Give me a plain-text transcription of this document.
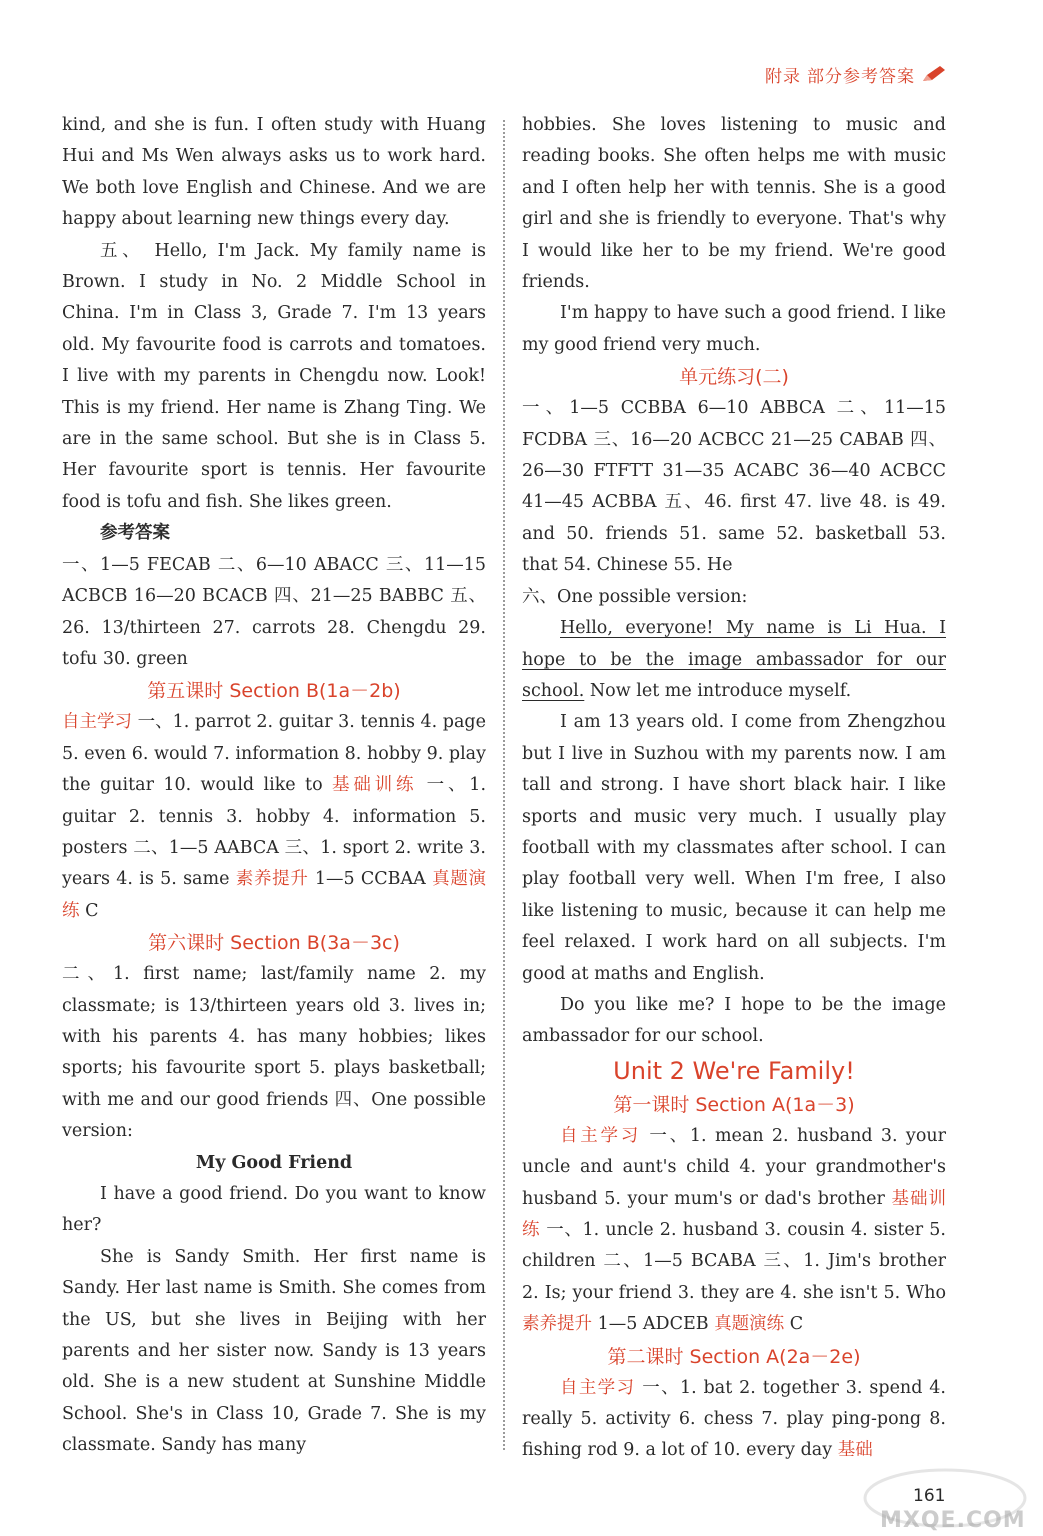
附录 部分参考答案

kind, and she is fun. I often study with Huang Hui and Ms Wen always asks us to work hard. We both love English and Chinese. And we are happy about learning new things every day.

五、 Hello, I'm Jack. My family name is Brown. I study in No. 2 Middle School in China. I'm in Class 3, Grade 7. I'm 13 years old. My favourite food is carrots and tomatoes. I live with my parents in Chengdu now. Look! This is my friend. Her name is Zhang Ting. We are in the same school. But she is in Class 5. Her favourite sport is tennis. Her favourite food is tofu and fish. She likes green.

参考答案

一、1—5 FECAB 二、6—10 ABACC 三、11—15 ACBCB 16—20 BCACB 四、21—25 BABBC 五、26. 13/thirteen 27. carrots 28. Chengdu 29. tofu 30. green

第五课时 Section B(1a－2b)

自主学习 一、1. parrot 2. guitar 3. tennis 4. page 5. even 6. would 7. information 8. hobby 9. play the guitar 10. would like to 基础训练 一、1. guitar 2. tennis 3. hobby 4. information 5. posters 二、1—5 AABCA 三、1. sport 2. write 3. years 4. is 5. same 素养提升 1—5 CCBAA 真题演练 C

第六课时 Section B(3a－3c)

二、1. first name; last/family name 2. my classmate; is 13/thirteen years old 3. lives in; with his parents 4. has many hobbies; likes sports; his favourite sport 5. plays basketball; with me and our good friends 四、One possible version:

My Good Friend

I have a good friend. Do you want to know her?

She is Sandy Smith. Her first name is Sandy. Her last name is Smith. She comes from the US, but she lives in Beijing with her parents and her sister now. Sandy is 13 years old. She is a new student at Sunshine Middle School. She's in Class 10, Grade 7. She is my classmate. Sandy has many

hobbies. She loves listening to music and reading books. She often helps me with music and I often help her with tennis. She is a good girl and she is friendly to everyone. That's why I would like her to be my friend. We're good friends.

I'm happy to have such a good friend. I like my good friend very much.

单元练习(二)

一、1—5 CCBBA 6—10 ABBCA 二、11—15 FCDBA 三、16—20 ACBCC 21—25 CABAB 四、26—30 FTFTT 31—35 ACABC 36—40 ACBCC 41—45 ACBBA 五、46. first 47. live 48. is 49. and 50. friends 51. same 52. basketball 53. that 54. Chinese 55. He

六、One possible version:

Hello, everyone! My name is Li Hua. I hope to be the image ambassador for our school. Now let me introduce myself.

I am 13 years old. I come from Zhengzhou but I live in Suzhou with my parents now. I am tall and strong. I have short black hair. I like sports and music very much. I usually play football with my classmates after school. I can play football very well. When I'm free, I also like listening to music, because it can help me feel relaxed. I work hard on all subjects. I'm good at maths and English.

Do you like me? I hope to be the image ambassador for our school.

Unit 2 We're Family!

第一课时 Section A(1a－3)

自主学习 一、1. mean 2. husband 3. your uncle and aunt's child 4. your grandmother's husband 5. your mum's or dad's brother 基础训练 一、1. uncle 2. husband 3. cousin 4. sister 5. children 二、1—5 BCABA 三、1. Jim's brother 2. Is; your friend 3. they are 4. she isn't 5. Who 素养提升 1—5 ADCEB 真题演练 C

第二课时 Section A(2a－2e)

自主学习 一、1. bat 2. together 3. spend 4. really 5. activity 6. chess 7. play ping-pong 8. fishing rod 9. a lot of 10. every day 基础

161
MXQE.COM
